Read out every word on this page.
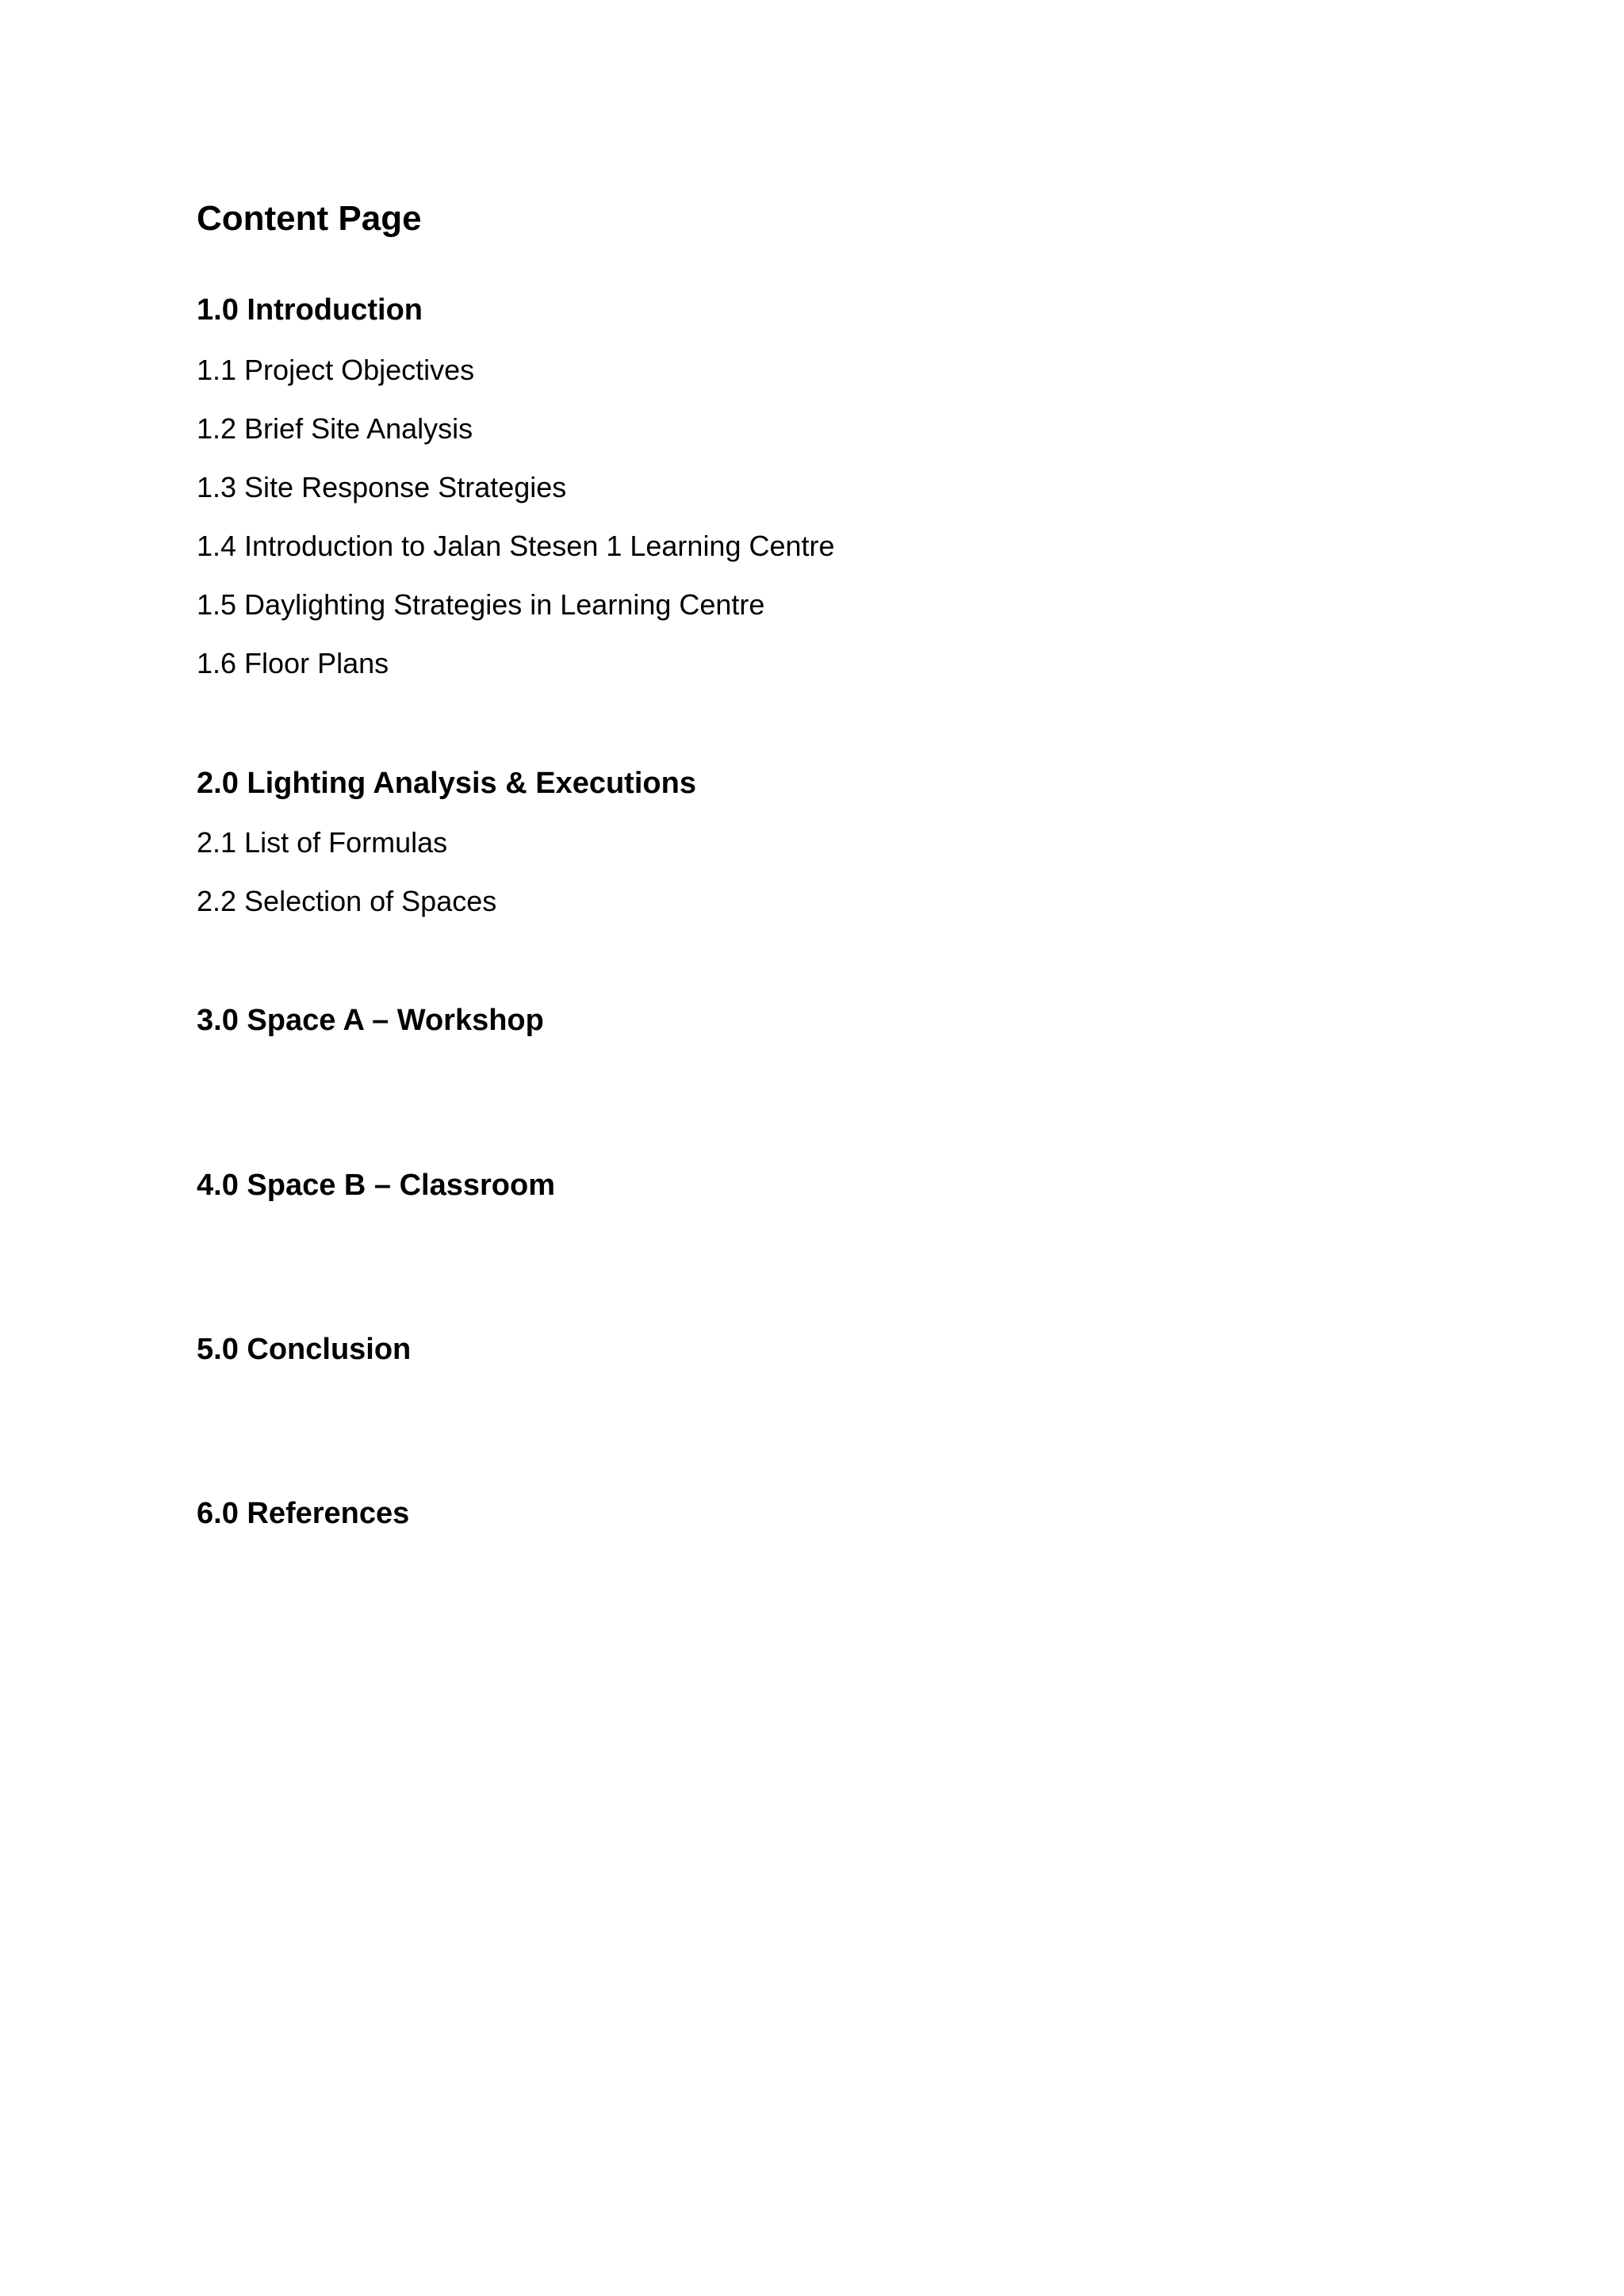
Content Page
1.0 Introduction

1.1 Project Objectives

1.2 Brief Site Analysis

1.3 Site Response Strategies

1.4 Introduction to Jalan Stesen 1 Learning Centre

1.5 Daylighting Strategies in Learning Centre

1.6 Floor Plans

2.0 Lighting Analysis & Executions

2.1 List of Formulas

2.2 Selection of Spaces

3.0 Space A – Workshop
4.0 Space B – Classroom
5.0 Conclusion
6.0 References
